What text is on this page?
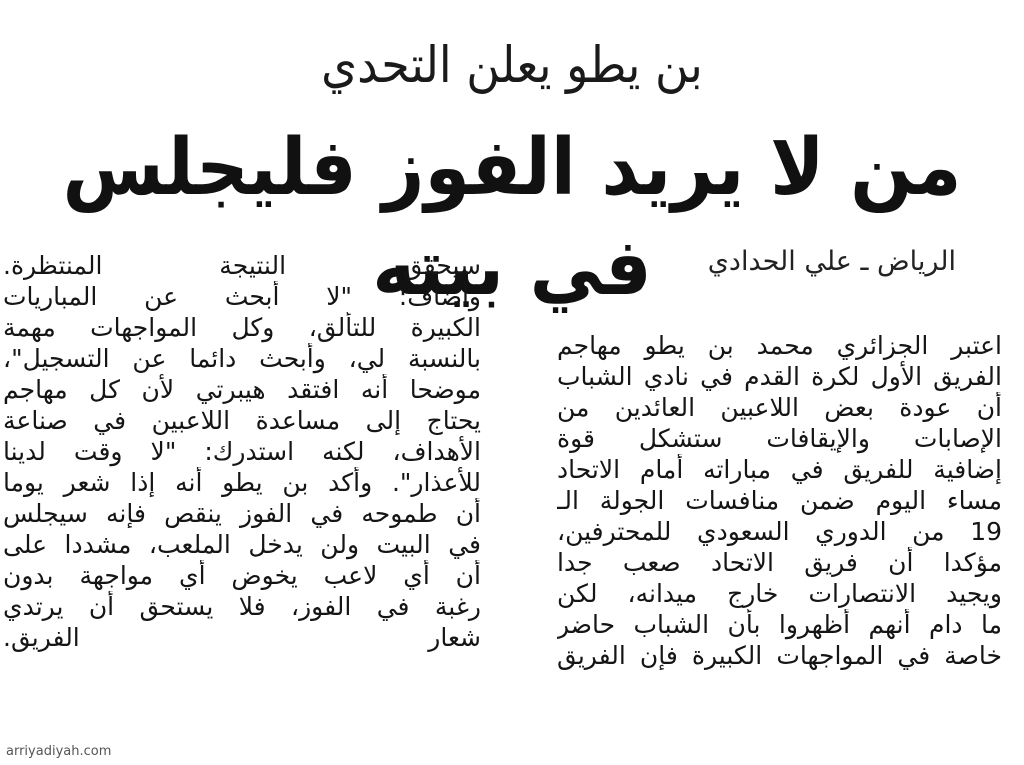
بن يطو يعلن التحدي
من لا يريد الفوز فليجلس في بيته	الرياض ـ علي الحدادي
اعتبر الجزائري محمد بن يطو مهاجم
الفريق الأول لكرة القدم في نادي الشباب
أن عودة بعض اللاعبين العائدين من
الإصابات والإيقافات ستشكل قوة
إضافية للفريق في مباراته أمام الاتحاد
مساء اليوم ضمن منافسات الجولة الـ
19 من الدوري السعودي للمحترفين،
مؤكدا أن فريق الاتحاد صعب جدا
ويجيد الانتصارات خارج ميدانه، لكن
ما دام أنهم أظهروا بأن الشباب حاضر
خاصة في المواجهات الكبيرة فإن الفريق
سيحقق النتيجة المنتظرة.
وأضاف: "لا أبحث عن المباريات
الكبيرة للتألق، وكل المواجهات مهمة
بالنسبة لي، وأبحث دائما عن التسجيل"،
موضحا أنه افتقد هيبرتي لأن كل مهاجم
يحتاج إلى مساعدة اللاعبين في صناعة
الأهداف، لكنه استدرك: "لا وقت لدينا
للأعذار". وأكد بن يطو أنه إذا شعر يوما
أن طموحه في الفوز ينقص فإنه سيجلس
في البيت ولن يدخل الملعب، مشددا على
أن أي لاعب يخوض أي مواجهة بدون
رغبة في الفوز، فلا يستحق أن يرتدي
شعار الفريق.
arriyadiyah.com
